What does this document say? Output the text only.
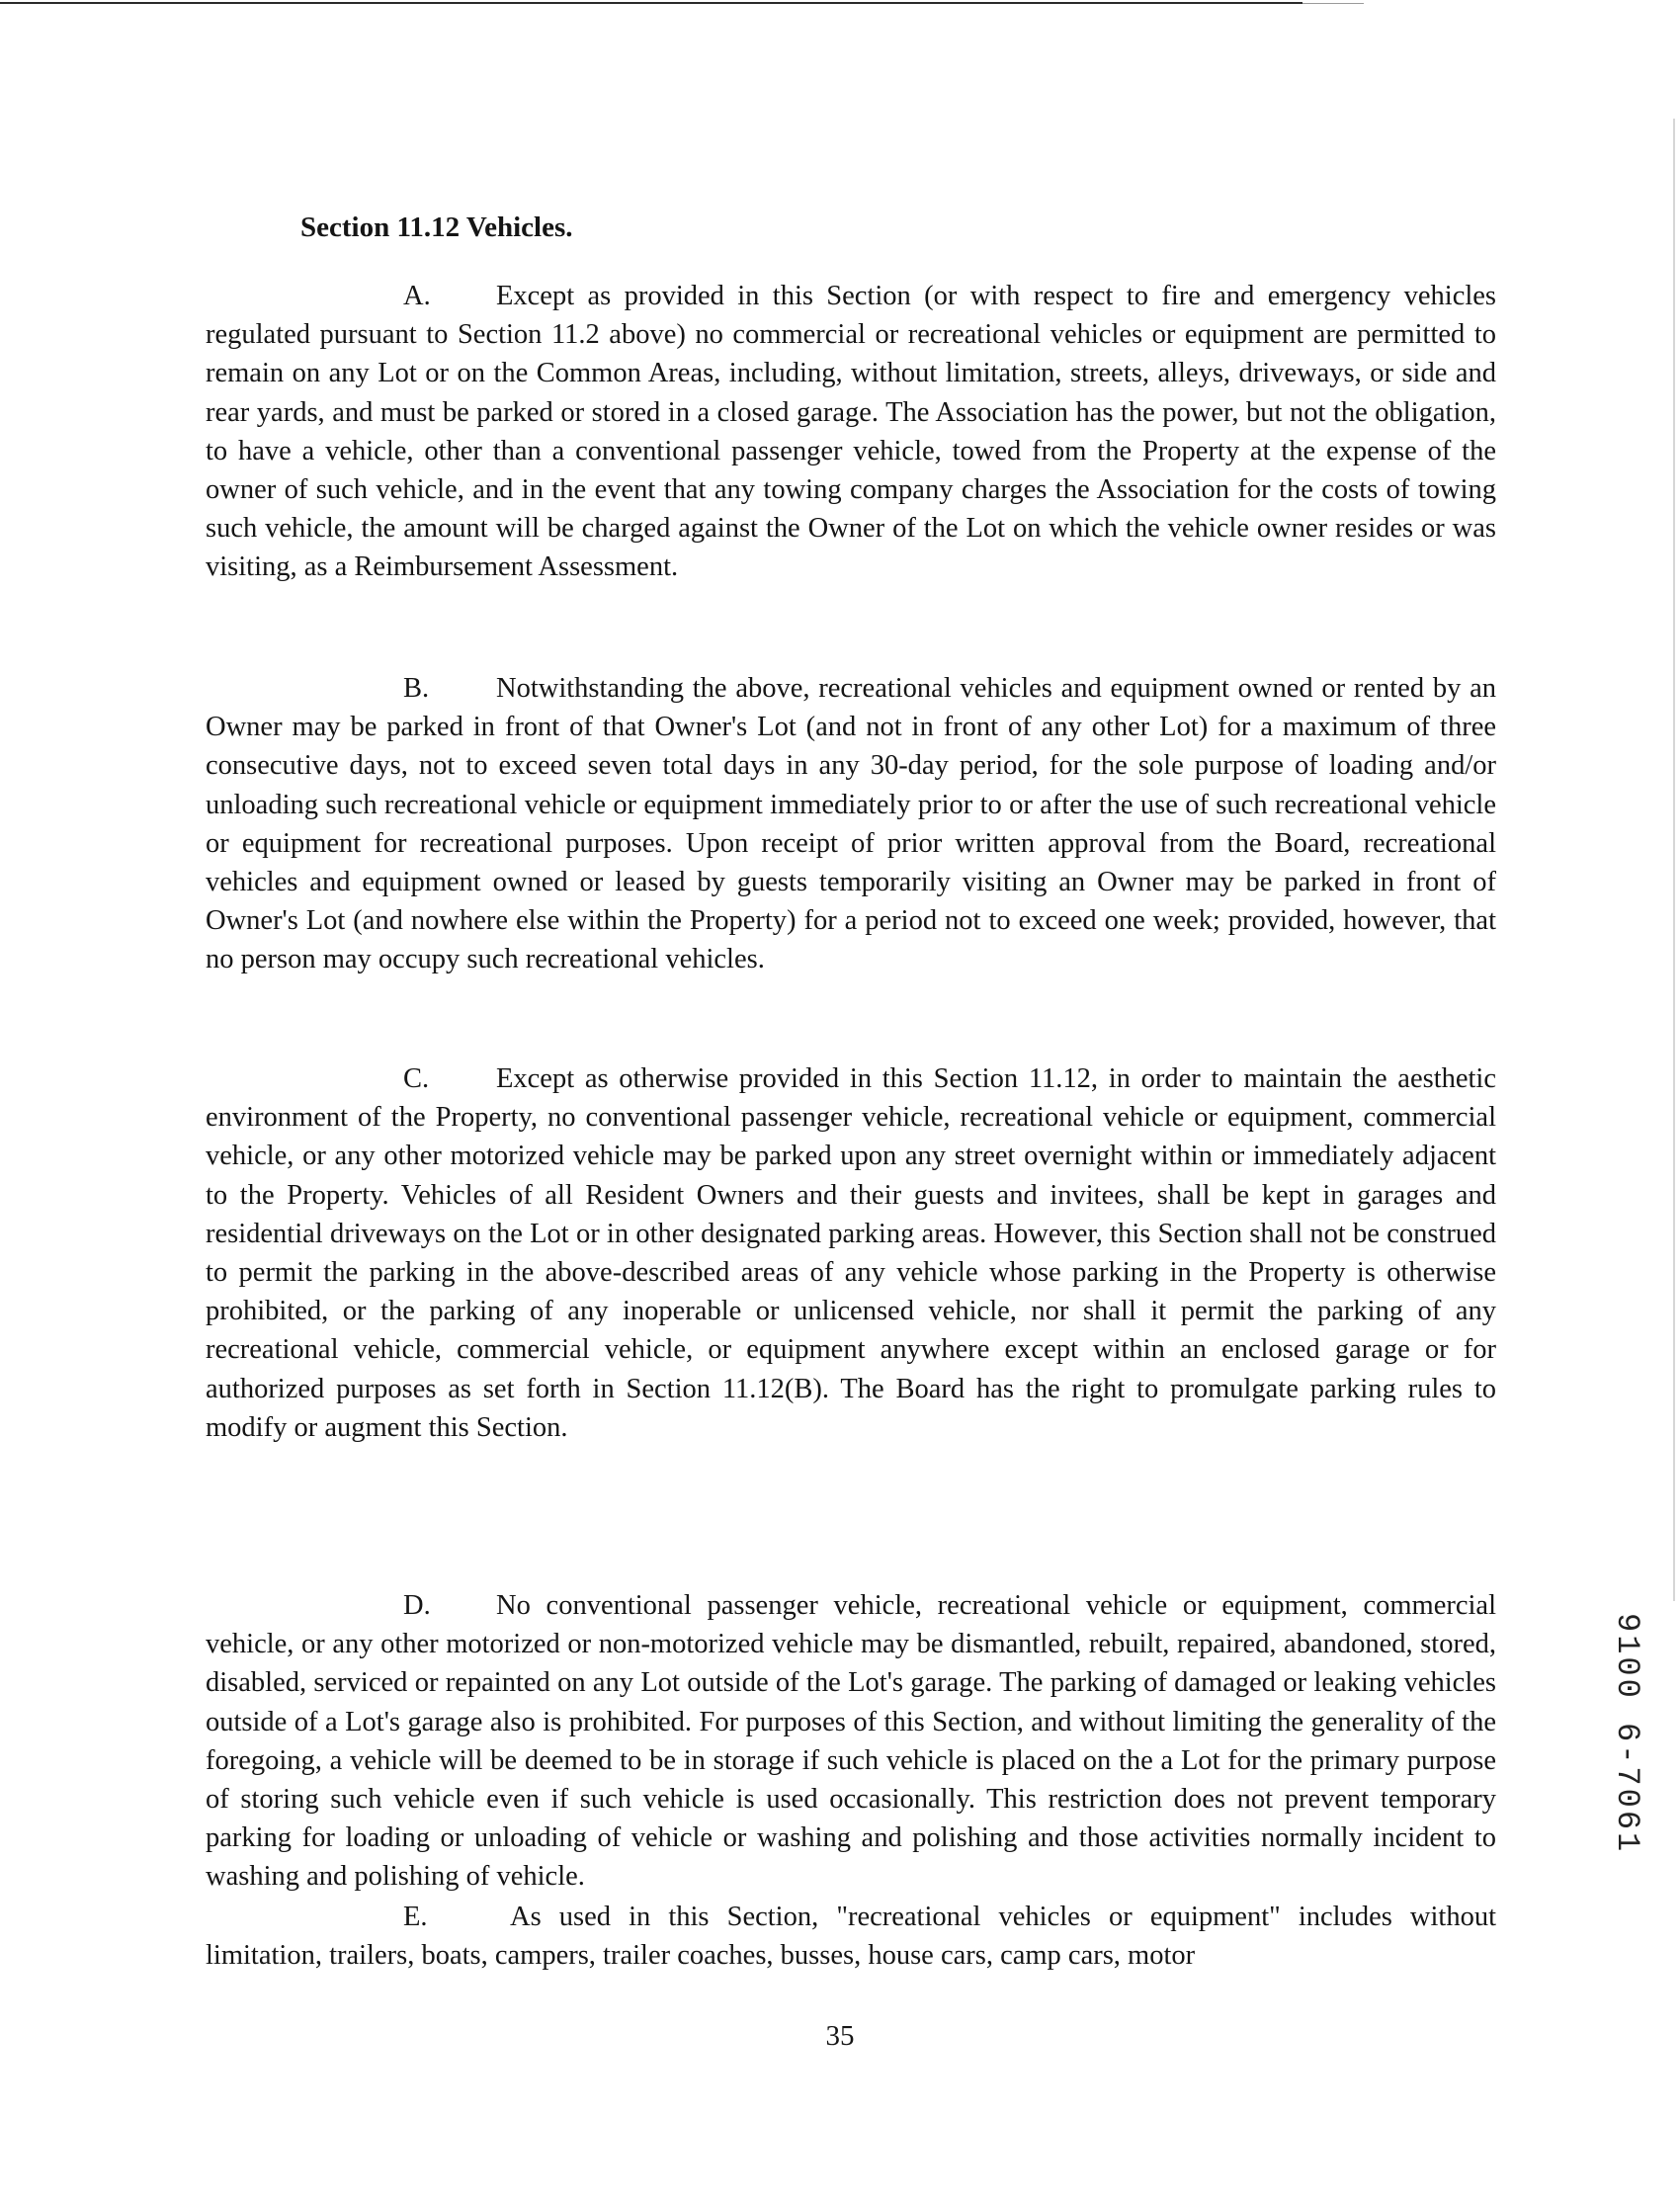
Section 11.12 Vehicles.

A. Except as provided in this Section (or with respect to fire and emergency vehicles regulated pursuant to Section 11.2 above) no commercial or recreational vehicles or equipment are permitted to remain on any Lot or on the Common Areas, including, without limitation, streets, alleys, driveways, or side and rear yards, and must be parked or stored in a closed garage. The Association has the power, but not the obligation, to have a vehicle, other than a conventional passenger vehicle, towed from the Property at the expense of the owner of such vehicle, and in the event that any towing company charges the Association for the costs of towing such vehicle, the amount will be charged against the Owner of the Lot on which the vehicle owner resides or was visiting, as a Reimbursement Assessment.

B. Notwithstanding the above, recreational vehicles and equipment owned or rented by an Owner may be parked in front of that Owner's Lot (and not in front of any other Lot) for a maximum of three consecutive days, not to exceed seven total days in any 30-day period, for the sole purpose of loading and/or unloading such recreational vehicle or equipment immediately prior to or after the use of such recreational vehicle or equipment for recreational purposes. Upon receipt of prior written approval from the Board, recreational vehicles and equipment owned or leased by guests temporarily visiting an Owner may be parked in front of Owner's Lot (and nowhere else within the Property) for a period not to exceed one week; provided, however, that no person may occupy such recreational vehicles.

C. Except as otherwise provided in this Section 11.12, in order to maintain the aesthetic environment of the Property, no conventional passenger vehicle, recreational vehicle or equipment, commercial vehicle, or any other motorized vehicle may be parked upon any street overnight within or immediately adjacent to the Property. Vehicles of all Resident Owners and their guests and invitees, shall be kept in garages and residential driveways on the Lot or in other designated parking areas. However, this Section shall not be construed to permit the parking in the above-described areas of any vehicle whose parking in the Property is otherwise prohibited, or the parking of any inoperable or unlicensed vehicle, nor shall it permit the parking of any recreational vehicle, commercial vehicle, or equipment anywhere except within an enclosed garage or for authorized purposes as set forth in Section 11.12(B). The Board has the right to promulgate parking rules to modify or augment this Section.

D. No conventional passenger vehicle, recreational vehicle or equipment, commercial vehicle, or any other motorized or non-motorized vehicle may be dismantled, rebuilt, repaired, abandoned, stored, disabled, serviced or repainted on any Lot outside of the Lot's garage. The parking of damaged or leaking vehicles outside of a Lot's garage also is prohibited. For purposes of this Section, and without limiting the generality of the foregoing, a vehicle will be deemed to be in storage if such vehicle is placed on the a Lot for the primary purpose of storing such vehicle even if such vehicle is used occasionally. This restriction does not prevent temporary parking for loading or unloading of vehicle or washing and polishing and those activities normally incident to washing and polishing of vehicle.

E.	As used in this Section, "recreational vehicles or equipment" includes without limitation, trailers, boats, campers, trailer coaches, busses, house cars, camp cars, motor

35
9100 6-7061
